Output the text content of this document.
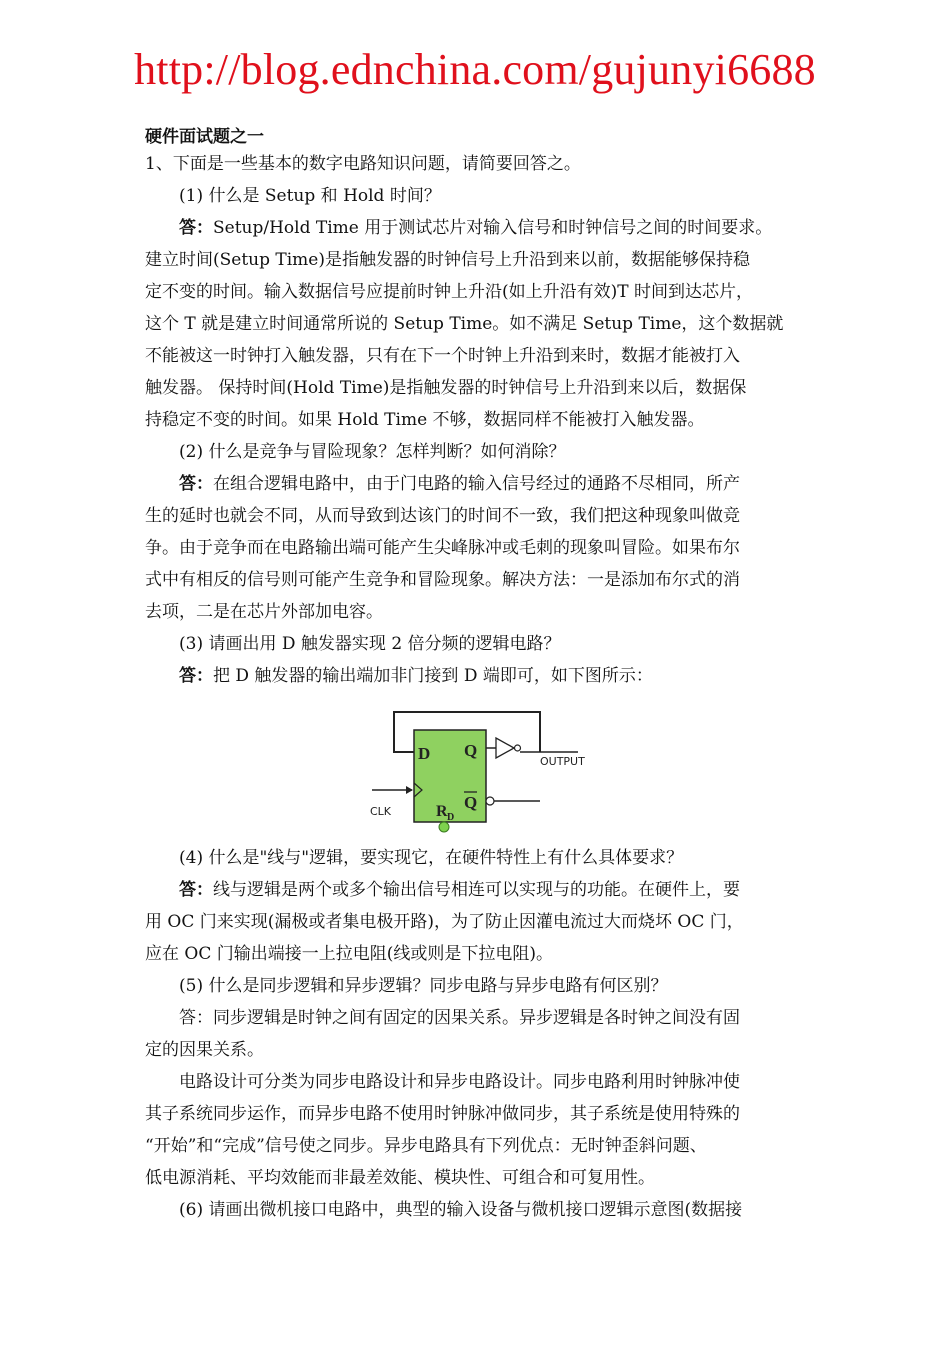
http://blog.ednchina.com/gujunyi6688
硬件面试题之一
1、下面是一些基本的数字电路知识问题，请简要回答之。
(1) 什么是 Setup 和 Hold 时间？
答：Setup/Hold Time 用于测试芯片对输入信号和时钟信号之间的时间要求。
建立时间(Setup Time)是指触发器的时钟信号上升沿到来以前，数据能够保持稳
定不变的时间。输入数据信号应提前时钟上升沿(如上升沿有效)T 时间到达芯片，
这个 T 就是建立时间通常所说的 Setup Time。如不满足 Setup Time，这个数据就
不能被这一时钟打入触发器，只有在下一个时钟上升沿到来时，数据才能被打入
触发器。 保持时间(Hold Time)是指触发器的时钟信号上升沿到来以后，数据保
持稳定不变的时间。如果 Hold Time 不够，数据同样不能被打入触发器。
(2) 什么是竞争与冒险现象？怎样判断？如何消除？
答：在组合逻辑电路中，由于门电路的输入信号经过的通路不尽相同，所产
生的延时也就会不同，从而导致到达该门的时间不一致，我们把这种现象叫做竞
争。由于竞争而在电路输出端可能产生尖峰脉冲或毛刺的现象叫冒险。如果布尔
式中有相反的信号则可能产生竞争和冒险现象。解决方法：一是添加布尔式的消
去项，二是在芯片外部加电容。
(3) 请画出用 D 触发器实现 2 倍分频的逻辑电路？
答：把 D 触发器的输出端加非门接到 D 端即可，如下图所示：
D Q
Q
R D
CLK
OUTPUT
(4) 什么是"线与"逻辑，要实现它，在硬件特性上有什么具体要求？
答：线与逻辑是两个或多个输出信号相连可以实现与的功能。在硬件上，要
用 OC 门来实现(漏极或者集电极开路)，为了防止因灌电流过大而烧坏 OC 门，
应在 OC 门输出端接一上拉电阻(线或则是下拉电阻)。
(5) 什么是同步逻辑和异步逻辑？同步电路与异步电路有何区别？
答：同步逻辑是时钟之间有固定的因果关系。异步逻辑是各时钟之间没有固
定的因果关系。
电路设计可分类为同步电路设计和异步电路设计。同步电路利用时钟脉冲使
其子系统同步运作，而异步电路不使用时钟脉冲做同步，其子系统是使用特殊的
“开始”和“完成”信号使之同步。异步电路具有下列优点：无时钟歪斜问题、
低电源消耗、平均效能而非最差效能、模块性、可组合和可复用性。
(6) 请画出微机接口电路中，典型的输入设备与微机接口逻辑示意图(数据接
